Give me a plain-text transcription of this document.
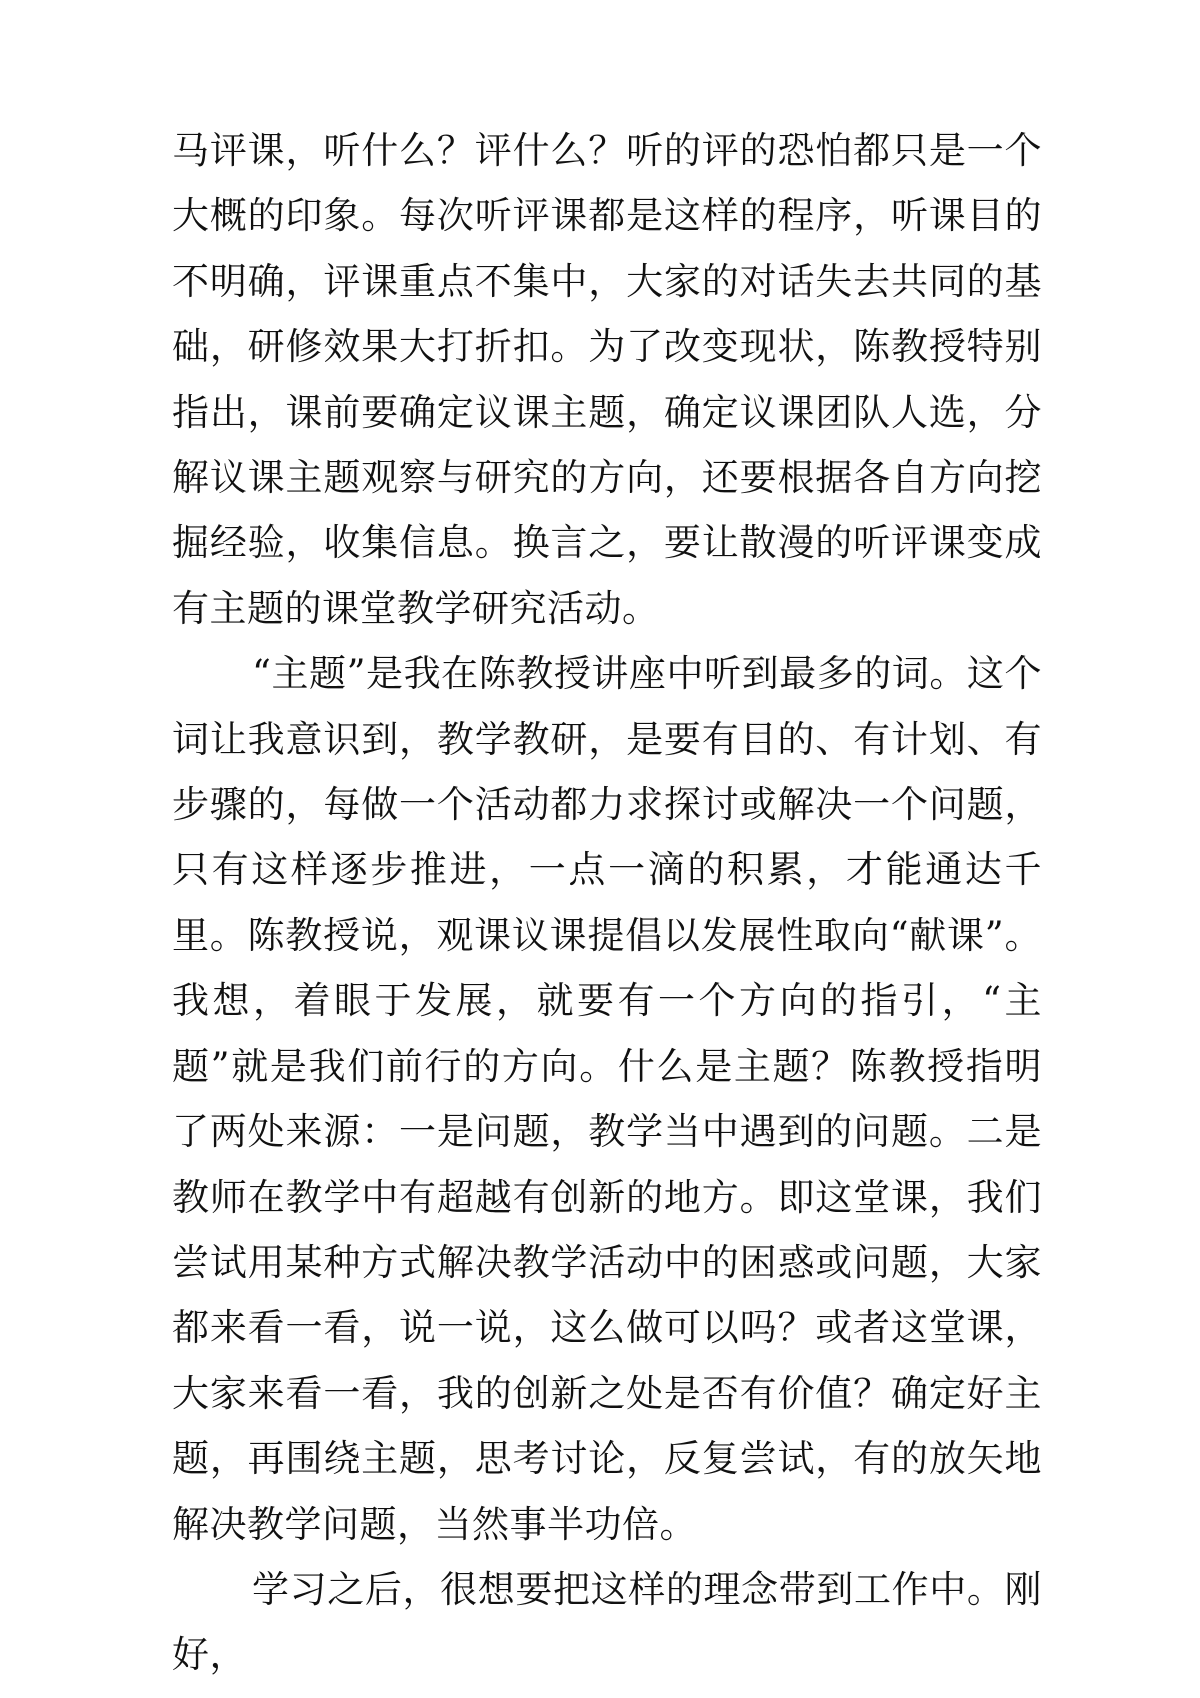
马评课，听什么？评什么？听的评的恐怕都只是一个大概的印象。每次听评课都是这样的程序，听课目的不明确，评课重点不集中，大家的对话失去共同的基础，研修效果大打折扣。为了改变现状，陈教授特别指出，课前要确定议课主题，确定议课团队人选，分解议课主题观察与研究的方向，还要根据各自方向挖掘经验，收集信息。换言之，要让散漫的听评课变成有主题的课堂教学研究活动。

“主题”是我在陈教授讲座中听到最多的词。这个词让我意识到，教学教研，是要有目的、有计划、有步骤的，每做一个活动都力求探讨或解决一个问题，只有这样逐步推进，一点一滴的积累，才能通达千里。陈教授说，观课议课提倡以发展性取向“献课”。我想，着眼于发展，就要有一个方向的指引，“主题”就是我们前行的方向。什么是主题？陈教授指明了两处来源：一是问题，教学当中遇到的问题。二是教师在教学中有超越有创新的地方。即这堂课，我们尝试用某种方式解决教学活动中的困惑或问题，大家都来看一看，说一说，这么做可以吗？或者这堂课，大家来看一看，我的创新之处是否有价值？确定好主题，再围绕主题，思考讨论，反复尝试，有的放矢地解决教学问题，当然事半功倍。

学习之后，很想要把这样的理念带到工作中。刚好，
